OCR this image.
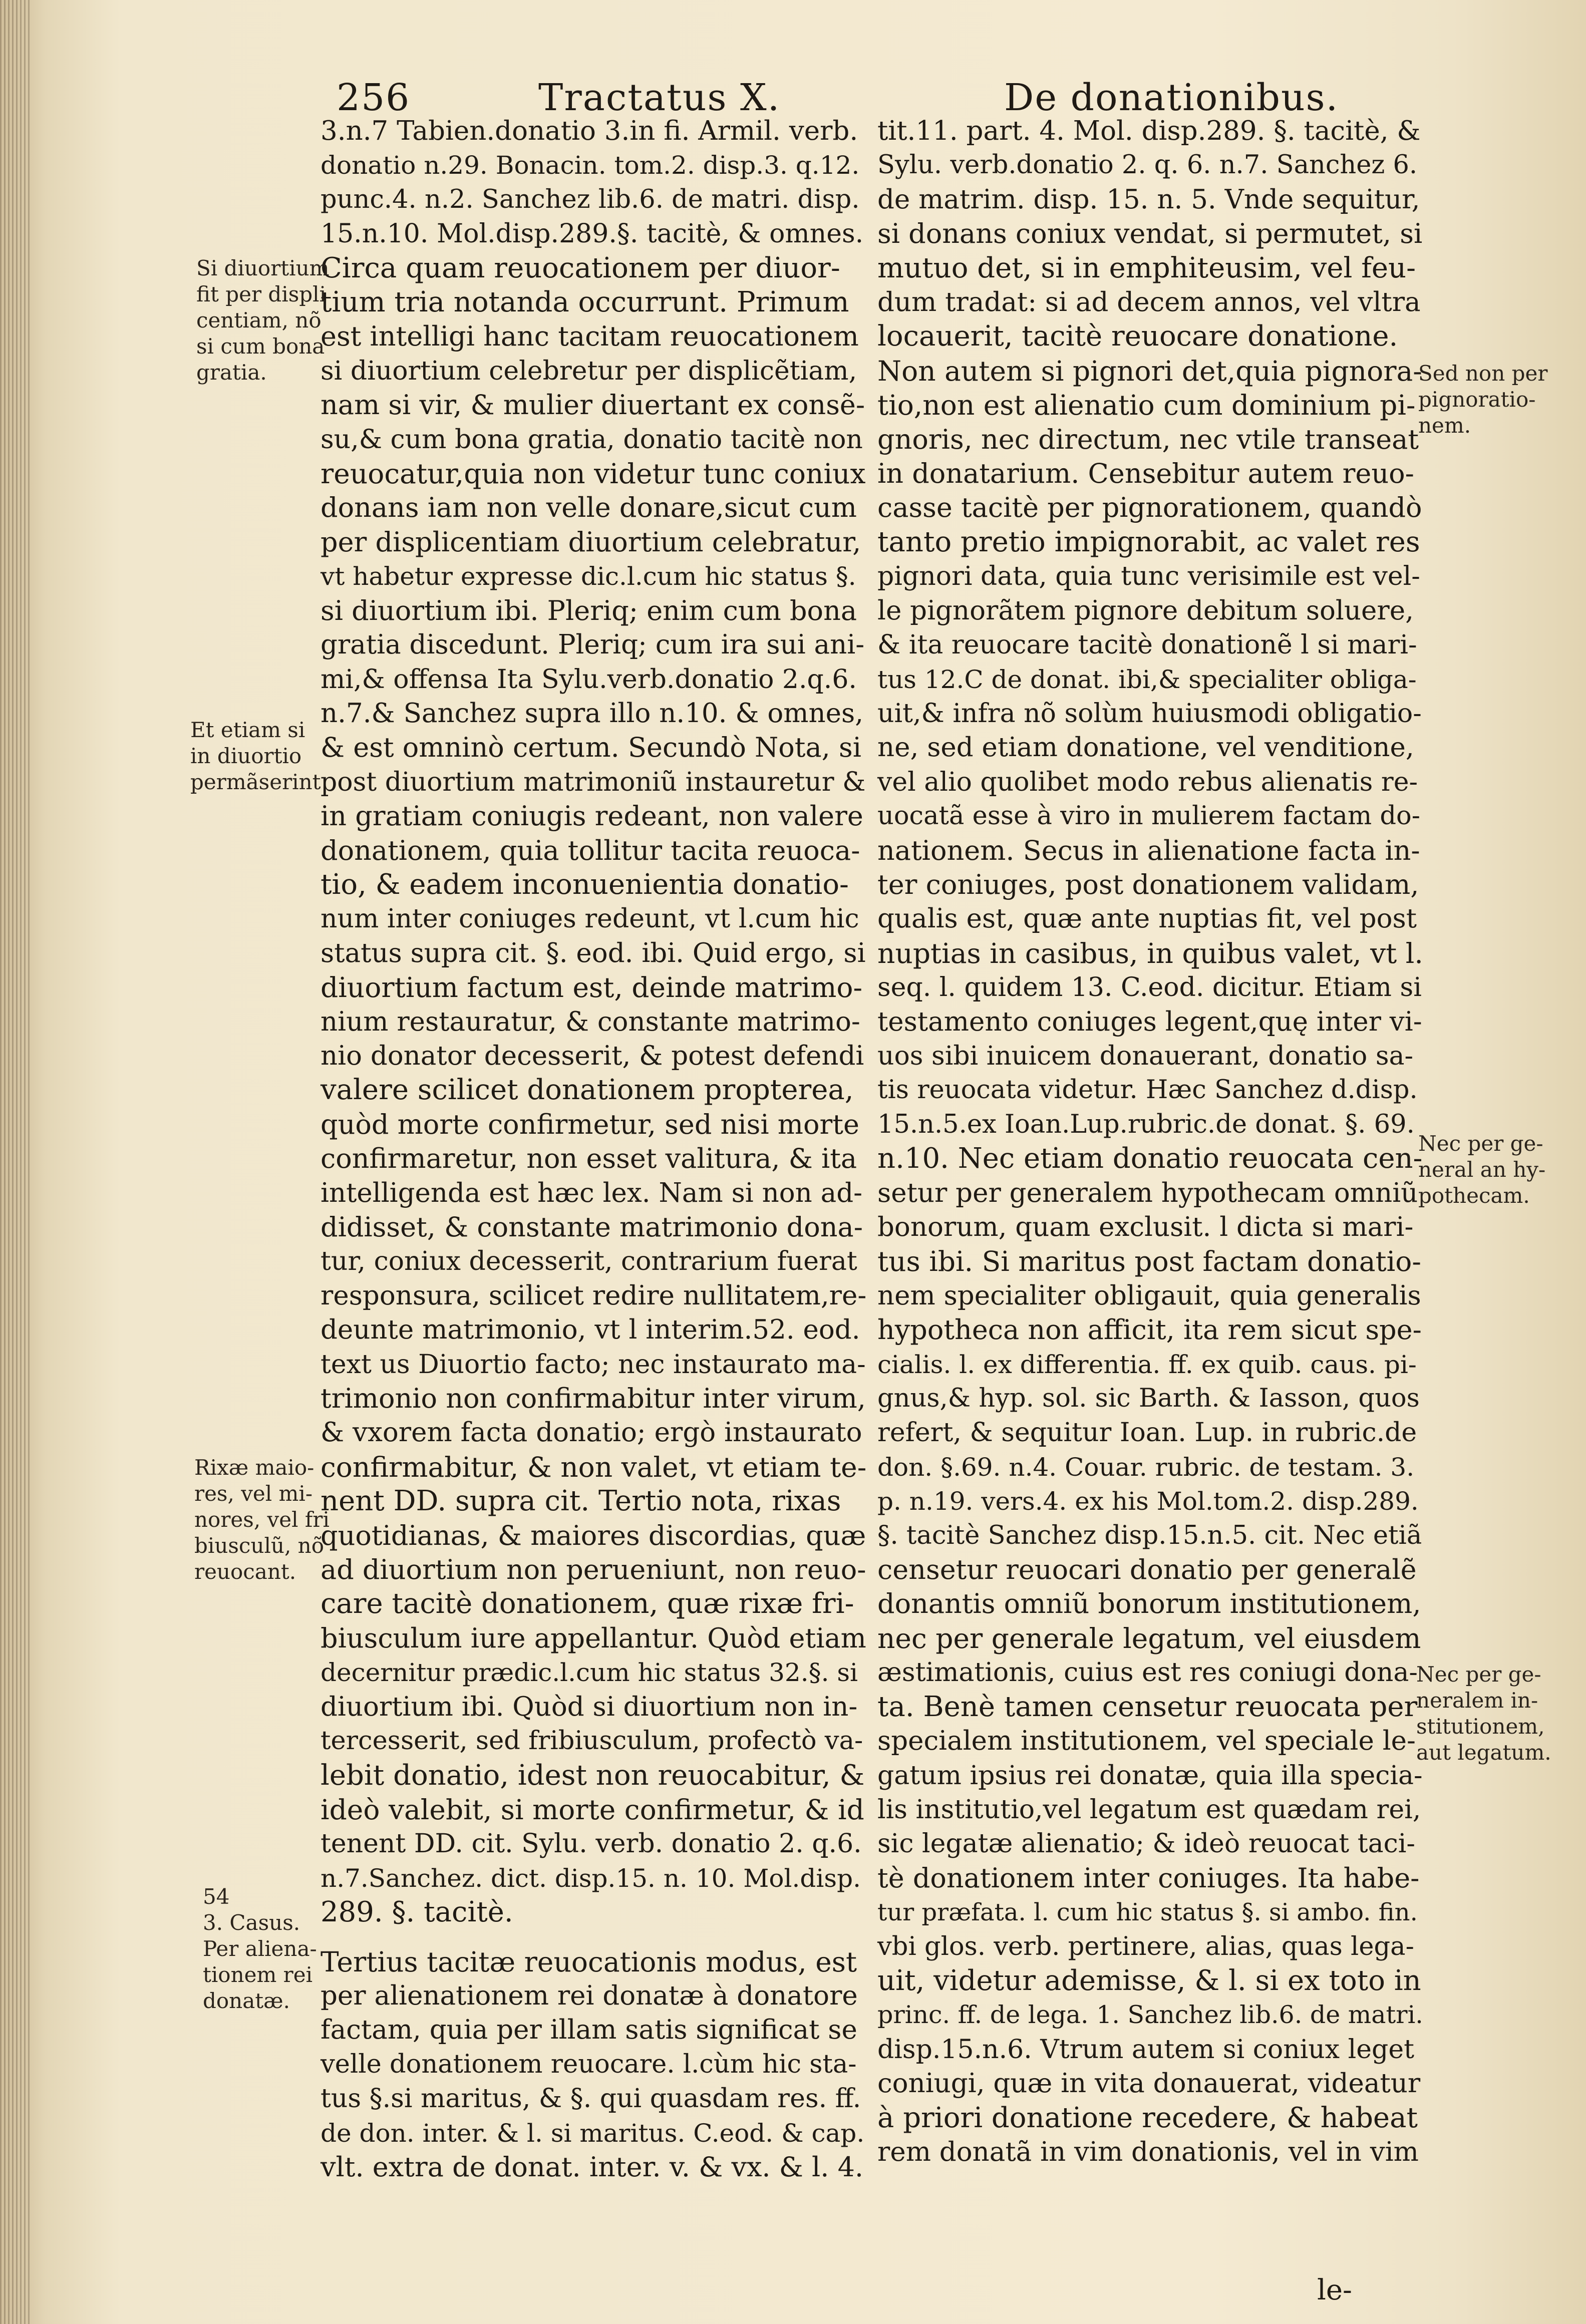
256	Tractatus X.	De donationibus.

3.n.7 Tabien.donatio 3.in fi. Armil. verb.

donatio n.29. Bonacin. tom.2. disp.3. q.12.

punc.4. n.2. Sanchez lib.6. de matri. disp.

15.n.10. Mol.disp.289.§. tacitè, & omnes.

Circa quam reuocationem per diuor-

tium tria notanda occurrunt. Primum

est intelligi hanc tacitam reuocationem

si diuortium celebretur per displicẽtiam,

nam si vir, & mulier diuertant ex consẽ-

su,& cum bona gratia, donatio tacitè non

reuocatur,quia non videtur tunc coniux

donans iam non velle donare,sicut cum

per displicentiam diuortium celebratur,

vt habetur expresse dic.l.cum hic status §.

si diuortium ibi. Pleriq; enim cum bona

gratia discedunt. Pleriq; cum ira sui ani-

mi,& offensa Ita Sylu.verb.donatio 2.q.6.

n.7.& Sanchez supra illo n.10. & omnes,

& est omninò certum. Secundò Nota, si

post diuortium matrimoniũ instauretur &

in gratiam coniugis redeant, non valere

donationem, quia tollitur tacita reuoca-

tio, & eadem inconuenientia donatio-

num inter coniuges redeunt, vt l.cum hic

status supra cit. §. eod. ibi. Quid ergo, si

diuortium factum est, deinde matrimo-

nium restauratur, & constante matrimo-

nio donator decesserit, & potest defendi

valere scilicet donationem propterea,

quòd morte confirmetur, sed nisi morte

confirmaretur, non esset valitura, & ita

intelligenda est hæc lex. Nam si non ad-

didisset, & constante matrimonio dona-

tur, coniux decesserit, contrarium fuerat

responsura, scilicet redire nullitatem,re-

deunte matrimonio, vt l interim.52. eod.

text us Diuortio facto; nec instaurato ma-

trimonio non confirmabitur inter virum,

& vxorem facta donatio; ergò instaurato

confirmabitur, & non valet, vt etiam te-

nent DD. supra cit. Tertio nota, rixas

quotidianas, & maiores discordias, quæ

ad diuortium non perueniunt, non reuo-

care tacitè donationem, quæ rixæ fri-

biusculum iure appellantur. Quòd etiam

decernitur prædic.l.cum hic status 32.§. si

diuortium ibi. Quòd si diuortium non in-

tercesserit, sed fribiusculum, profectò va-

lebit donatio, idest non reuocabitur, &

ideò valebit, si morte confirmetur, & id

tenent DD. cit. Sylu. verb. donatio 2. q.6.

n.7.Sanchez. dict. disp.15. n. 10. Mol.disp.

289. §. tacitè.

Tertius tacitæ reuocationis modus, est

per alienationem rei donatæ à donatore

factam, quia per illam satis significat se

velle donationem reuocare. l.cùm hic sta-

tus §.si maritus, & §. qui quasdam res. ff.

de don. inter. & l. si maritus. C.eod. & cap.

vlt. extra de donat. inter. v. & vx. & l. 4.

tit.11. part. 4. Mol. disp.289. §. tacitè, &

Sylu. verb.donatio 2. q. 6. n.7. Sanchez 6.

de matrim. disp. 15. n. 5. Vnde sequitur,

si donans coniux vendat, si permutet, si

mutuo det, si in emphiteusim, vel feu-

dum tradat: si ad decem annos, vel vltra

locauerit, tacitè reuocare donatione.

Non autem si pignori det,quia pignora-

tio,non est alienatio cum dominium pi-

gnoris, nec directum, nec vtile transeat

in donatarium. Censebitur autem reuo-

casse tacitè per pignorationem, quandò

tanto pretio impignorabit, ac valet res

pignori data, quia tunc verisimile est vel-

le pignorãtem pignore debitum soluere,

& ita reuocare tacitè donationẽ l si mari-

tus 12.C de donat. ibi,& specialiter obliga-

uit,& infra nõ solùm huiusmodi obligatio-

ne, sed etiam donatione, vel venditione,

vel alio quolibet modo rebus alienatis re-

uocatã esse à viro in mulierem factam do-

nationem. Secus in alienatione facta in-

ter coniuges, post donationem validam,

qualis est, quæ ante nuptias fit, vel post

nuptias in casibus, in quibus valet, vt l.

seq. l. quidem 13. C.eod. dicitur. Etiam si

testamento coniuges legent,quę inter vi-

uos sibi inuicem donauerant, donatio sa-

tis reuocata videtur. Hæc Sanchez d.disp.

15.n.5.ex Ioan.Lup.rubric.de donat. §. 69.

n.10. Nec etiam donatio reuocata cen-

setur per generalem hypothecam omniũ

bonorum, quam exclusit. l dicta si mari-

tus ibi. Si maritus post factam donatio-

nem specialiter obligauit, quia generalis

hypotheca non afficit, ita rem sicut spe-

cialis. l. ex differentia. ff. ex quib. caus. pi-

gnus,& hyp. sol. sic Barth. & Iasson, quos

refert, & sequitur Ioan. Lup. in rubric.de

don. §.69. n.4. Couar. rubric. de testam. 3.

p. n.19. vers.4. ex his Mol.tom.2. disp.289.

§. tacitè Sanchez disp.15.n.5. cit. Nec etiã

censetur reuocari donatio per generalẽ

donantis omniũ bonorum institutionem,

nec per generale legatum, vel eiusdem

æstimationis, cuius est res coniugi dona-

ta. Benè tamen censetur reuocata per

specialem institutionem, vel speciale le-

gatum ipsius rei donatæ, quia illa specia-

lis institutio,vel legatum est quædam rei,

sic legatæ alienatio; & ideò reuocat taci-

tè donationem inter coniuges. Ita habe-

tur præfata. l. cum hic status §. si ambo. fin.

vbi glos. verb. pertinere, alias, quas lega-

uit, videtur ademisse, & l. si ex toto in

princ. ff. de lega. 1. Sanchez lib.6. de matri.

disp.15.n.6. Vtrum autem si coniux leget

coniugi, quæ in vita donauerat, videatur

à priori donatione recedere, & habeat

rem donatã in vim donationis, vel in vim

Si diuortium
fit per displi
centiam, nõ
si cum bona
gratia.
Et etiam si
in diuortio
permãserint
Rixæ maio-
res, vel mi-
nores, vel fri
biusculũ, nõ
reuocant.
54
3. Casus.
Per aliena-
tionem rei
donatæ.
Sed non per
pignoratio-
nem.
Nec per ge-
neral an hy-
pothecam.
Nec per ge-
neralem in-
stitutionem,
aut legatum.
le-
